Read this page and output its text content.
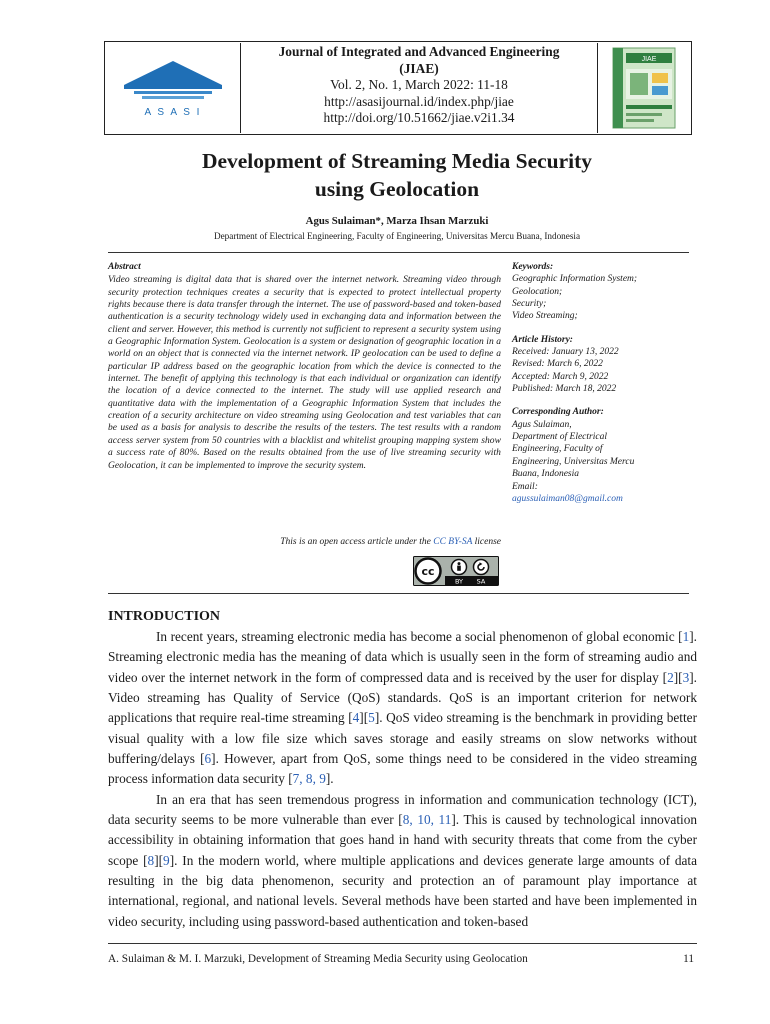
A S A S I
Journal of Integrated and Advanced Engineering
(JIAE)
Vol. 2, No. 1, March 2022: 11-18
http://asasijournal.id/index.php/jiae
http://doi.org/10.51662/jiae.v2i1.34
JIAE
Development of Streaming Media Security
using Geolocation
Agus Sulaiman*, Marza Ihsan Marzuki
Department of Electrical Engineering, Faculty of Engineering, Universitas Mercu Buana, Indonesia
Abstract
Video streaming is digital data that is shared over the internet network. Streaming video through security protection techniques creates a security that is expected to protect intellectual property rights because there is data transfer through the internet. The use of password-based and token-based authentication is a security technology widely used in exchanging data and information between the client and server. However, this method is currently not sufficient to represent a security system using a Geographic Information System. Geolocation is a system or designation of geographic location in a world on an object that is connected via the internet network. IP geolocation can be used to define a particular IP address based on the geographic location from which the device is connected to the internet. The benefit of applying this technology is that each individual or organization can identify the location of a device connected to the internet. The study will use applied research and quantitative data with the implementation of a Geographic Information System that includes the creation of a security architecture on video streaming using Geolocation and test variables that can be used as a basis for analysis to describe the results of the testers. The test results with a random access server system from 50 countries with a blacklist and whitelist grouping mapping system show a success rate of 80%. Based on the results obtained from the use of live streaming security with Geolocation, it can be implemented to improve the security system.
This is an open access article under the CC BY-SA license
cc
BY SA
Keywords:
Geographic Information System;
Geolocation;
Security;
Video Streaming;
Article History:
Received: January 13, 2022
Revised: March 6, 2022
Accepted: March 9, 2022
Published: March 18, 2022
Corresponding Author:
Agus Sulaiman,
Department of Electrical
Engineering, Faculty of
Engineering, Universitas Mercu
Buana, Indonesia
Email:
agussulaiman08@gmail.com
INTRODUCTION

In recent years, streaming electronic media has become a social phenomenon of global economic [1]. Streaming electronic media has the meaning of data which is usually seen in the form of streaming audio and video over the internet network in the form of compressed data and is received by the user for display [2][3]. Video streaming has Quality of Service (QoS) standards. QoS is an important criterion for network applications that require real-time streaming [4][5]. QoS video streaming is the benchmark in providing better visual quality with a low file size which saves storage and easily streams on slow networks without buffering/delays [6]. However, apart from QoS, some things need to be considered in the video streaming process information data security [7, 8, 9].

In an era that has seen tremendous progress in information and communication technology (ICT), data security seems to be more vulnerable than ever [8, 10, 11]. This is caused by technological innovation accessibility in obtaining information that goes hand in hand with security threats that come from the cyber scope [8][9]. In the modern world, where multiple applications and devices generate large amounts of data resulting in the big data phenomenon, security and protection an of paramount play importance at international, regional, and national levels. Several methods have been started and have been implemented in video security, including using password-based authentication and token-based

A. Sulaiman & M. I. Marzuki, Development of Streaming Media Security using Geolocation	11
